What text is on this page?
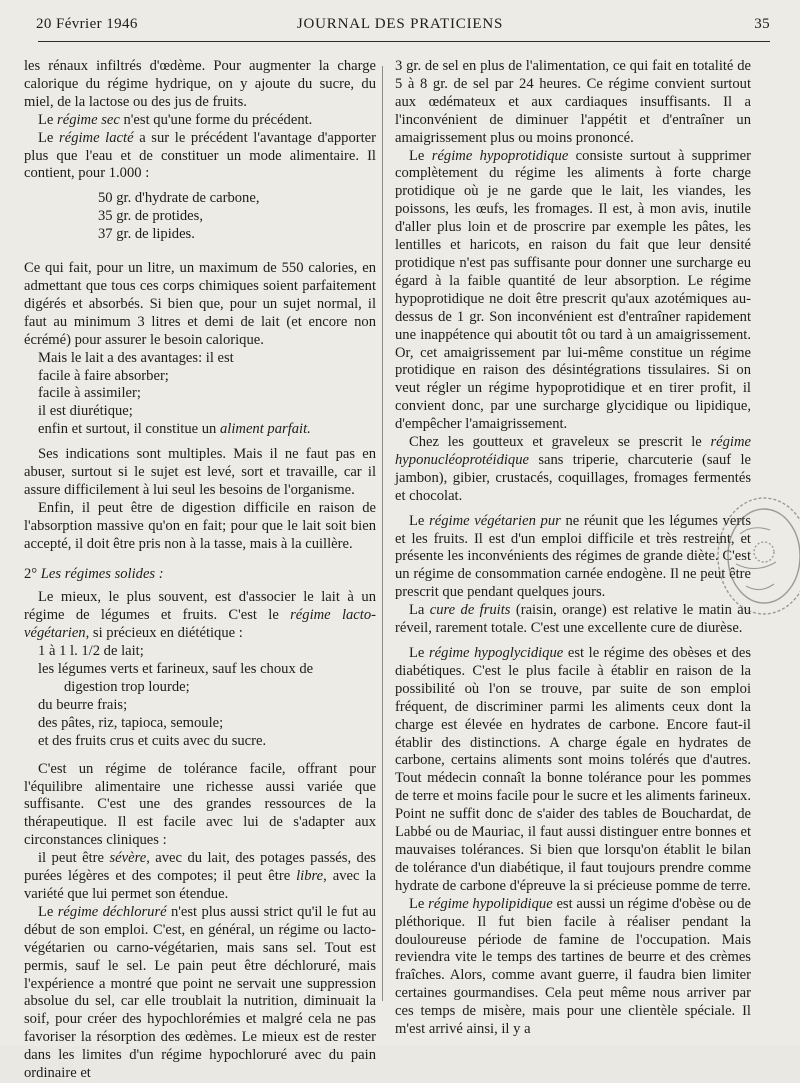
20 Février 1946	JOURNAL DES PRATICIENS	35

les rénaux infiltrés d'œdème. Pour augmenter la charge calorique du régime hydrique, on y ajoute du sucre, du miel, de la lactose ou des jus de fruits.

Le régime sec n'est qu'une forme du précédent.

Le régime lacté a sur le précédent l'avantage d'apporter plus que l'eau et de constituer un mode alimentaire. Il contient, pour 1.000 :

50 gr. d'hydrate de carbone,

35 gr. de protides,

37 gr. de lipides.

Ce qui fait, pour un litre, un maximum de 550 calories, en admettant que tous ces corps chimiques soient parfaitement digérés et absorbés. Si bien que, pour un sujet normal, il faut au minimum 3 litres et demi de lait (et encore non écrémé) pour assurer le besoin calorique.

Mais le lait a des avantages: il est

facile à faire absorber;

facile à assimiler;

il est diurétique;

enfin et surtout, il constitue un aliment parfait.

Ses indications sont multiples. Mais il ne faut pas en abuser, surtout si le sujet est levé, sort et travaille, car il assure difficilement à lui seul les besoins de l'organisme.

Enfin, il peut être de digestion difficile en raison de l'absorption massive qu'on en fait; pour que le lait soit bien accepté, il doit être pris non à la tasse, mais à la cuillère.

2° Les régimes solides :

Le mieux, le plus souvent, est d'associer le lait à un régime de légumes et fruits. C'est le régime lacto-végétarien, si précieux en diététique :

1 à 1 l. 1/2 de lait;

les légumes verts et farineux, sauf les choux de

digestion trop lourde;

du beurre frais;

des pâtes, riz, tapioca, semoule;

et des fruits crus et cuits avec du sucre.

C'est un régime de tolérance facile, offrant pour l'équilibre alimentaire une richesse aussi variée que suffisante. C'est une des grandes ressources de la thérapeutique. Il est facile avec lui de s'adapter aux circonstances cliniques :

il peut être sévère, avec du lait, des potages passés, des purées légères et des compotes; il peut être libre, avec la variété que lui permet son étendue.

Le régime déchloruré n'est plus aussi strict qu'il le fut au début de son emploi. C'est, en général, un régime ou lacto-végétarien ou carno-végétarien, mais sans sel. Tout est permis, sauf le sel. Le pain peut être déchloruré, mais l'expérience a montré que point ne servait une suppression absolue du sel, car elle troublait la nutrition, diminuait la soif, pour créer des hypochlorémies et malgré cela ne pas favoriser la résorption des œdèmes. Le mieux est de rester dans les limites d'un régime hypochloruré avec du pain ordinaire et

3 gr. de sel en plus de l'alimentation, ce qui fait en totalité de 5 à 8 gr. de sel par 24 heures. Ce régime convient surtout aux œdémateux et aux cardiaques insuffisants. Il a l'inconvénient de diminuer l'appétit et d'entraîner un amaigrissement plus ou moins prononcé.

Le régime hypoprotidique consiste surtout à supprimer complètement du régime les aliments à forte charge protidique où je ne garde que le lait, les viandes, les poissons, les œufs, les fromages. Il est, à mon avis, inutile d'aller plus loin et de proscrire par exemple les pâtes, les lentilles et haricots, en raison du fait que leur densité protidique n'est pas suffisante pour donner une surcharge eu égard à la faible quantité de leur absorption. Le régime hypoprotidique ne doit être prescrit qu'aux azotémiques au-dessus de 1 gr. Son inconvénient est d'entraîner rapidement une inappétence qui aboutit tôt ou tard à un amaigrissement. Or, cet amaigrissement par lui-même constitue un régime protidique en raison des désintégrations tissulaires. Si on veut régler un régime hypoprotidique et en tirer profit, il convient donc, par une surcharge glycidique ou lipidique, d'empêcher l'amaigrissement.

Chez les goutteux et graveleux se prescrit le régime hyponucléoprotéidique sans triperie, charcuterie (sauf le jambon), gibier, crustacés, coquillages, fromages fermentés et chocolat.

Le régime végétarien pur ne réunit que les légumes verts et les fruits. Il est d'un emploi difficile et très restreint, et présente les inconvénients des régimes de grande diète. C'est un régime de consommation carnée endogène. Il ne peut être prescrit que pendant quelques jours.

La cure de fruits (raisin, orange) est relative le matin au réveil, rarement totale. C'est une excellente cure de diurèse.

Le régime hypoglycidique est le régime des obèses et des diabétiques. C'est le plus facile à établir en raison de la possibilité où l'on se trouve, par suite de son emploi fréquent, de discriminer parmi les aliments ceux dont la charge est élevée en hydrates de carbone. Encore faut-il établir des distinctions. A charge égale en hydrates de carbone, certains aliments sont moins tolérés que d'autres. Tout médecin connaît la bonne tolérance pour les pommes de terre et moins facile pour le sucre et les aliments farineux. Point ne suffit donc de s'aider des tables de Bouchardat, de Labbé ou de Mauriac, il faut aussi distinguer entre bonnes et mauvaises tolérances. Si bien que lorsqu'on établit le bilan de tolérance d'un diabétique, il faut toujours prendre comme hydrate de carbone d'épreuve la si précieuse pomme de terre.

Le régime hypolipidique est aussi un régime d'obèse ou de pléthorique. Il fut bien facile à réaliser pendant la douloureuse période de famine de l'occupation. Mais reviendra vite le temps des tartines de beurre et des crèmes fraîches. Alors, comme avant guerre, il faudra bien limiter certaines gourmandises. Cela peut même nous arriver par ces temps de misère, mais pour une clientèle spéciale. Il m'est arrivé ainsi, il y a
